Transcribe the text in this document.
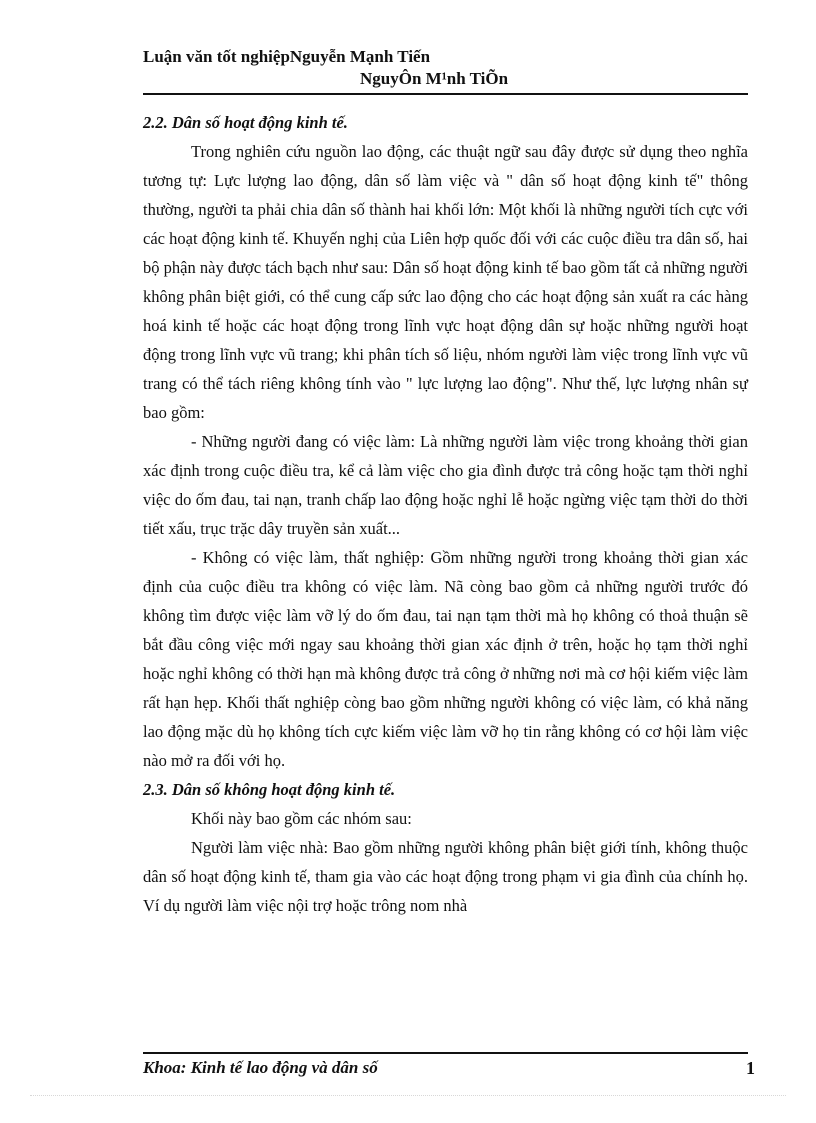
Luận văn tốt nghiệpNguyễn Mạnh Tiến
NguyÔn M¹nh TiÕn

2.2. Dân số hoạt động kinh tế.

Trong nghiên cứu nguồn lao động, các thuật ngữ sau đây được sử dụng theo nghĩa tương tự: Lực lượng lao động, dân số làm việc và " dân số hoạt động kinh tế" thông thường, người ta phải chia dân số thành hai khối lớn: Một khối là những người tích cực với các hoạt động kinh tế. Khuyến nghị của Liên hợp quốc đối với các cuộc điều tra dân số, hai bộ phận này được tách bạch như sau: Dân số hoạt động kinh tế bao gồm tất cả những người không phân biệt giới, có thể cung cấp sức lao động cho các hoạt động sản xuất ra các hàng hoá kinh tế hoặc các hoạt động trong lĩnh vực hoạt động dân sự hoặc những người hoạt động trong lĩnh vực vũ trang; khi phân tích số liệu, nhóm người làm việc trong lĩnh vực vũ trang có thể tách riêng không tính vào " lực lượng lao động". Như thế, lực lượng nhân sự bao gồm:

- Những người đang có việc làm: Là những người làm việc trong khoảng thời gian xác định trong cuộc điều tra, kể cả làm việc cho gia đình được trả công hoặc tạm thời nghỉ việc do ốm đau, tai nạn, tranh chấp lao động hoặc nghỉ lễ hoặc ngừng việc tạm thời do thời tiết xấu, trục trặc dây truyền sản xuất...

- Không có việc làm, thất nghiệp: Gồm những người trong khoảng thời gian xác định của cuộc điều tra không có việc làm. Nã còng bao gồm cả những người trước đó không tìm được việc làm vỡ lý do ốm đau, tai nạn tạm thời mà họ không có thoả thuận sẽ bắt đầu công việc mới ngay sau khoảng thời gian xác định ở trên, hoặc họ tạm thời nghỉ hoặc nghỉ không có thời hạn mà không được trả công ở những nơi mà cơ hội kiếm việc làm rất hạn hẹp. Khối thất nghiệp còng bao gồm những người không có việc làm, có khả năng lao động mặc dù họ không tích cực kiếm việc làm vỡ họ tin rằng không có cơ hội làm việc nào mở ra đối với họ.

2.3. Dân số không hoạt động kinh tế.

Khối này bao gồm các nhóm sau:

Người làm việc nhà: Bao gồm những người không phân biệt giới tính, không thuộc dân số hoạt động kinh tế, tham gia vào các hoạt động trong phạm vi gia đình của chính họ. Ví dụ người làm việc nội trợ hoặc trông nom nhà

Khoa: Kinh tế lao động và dân số	1
